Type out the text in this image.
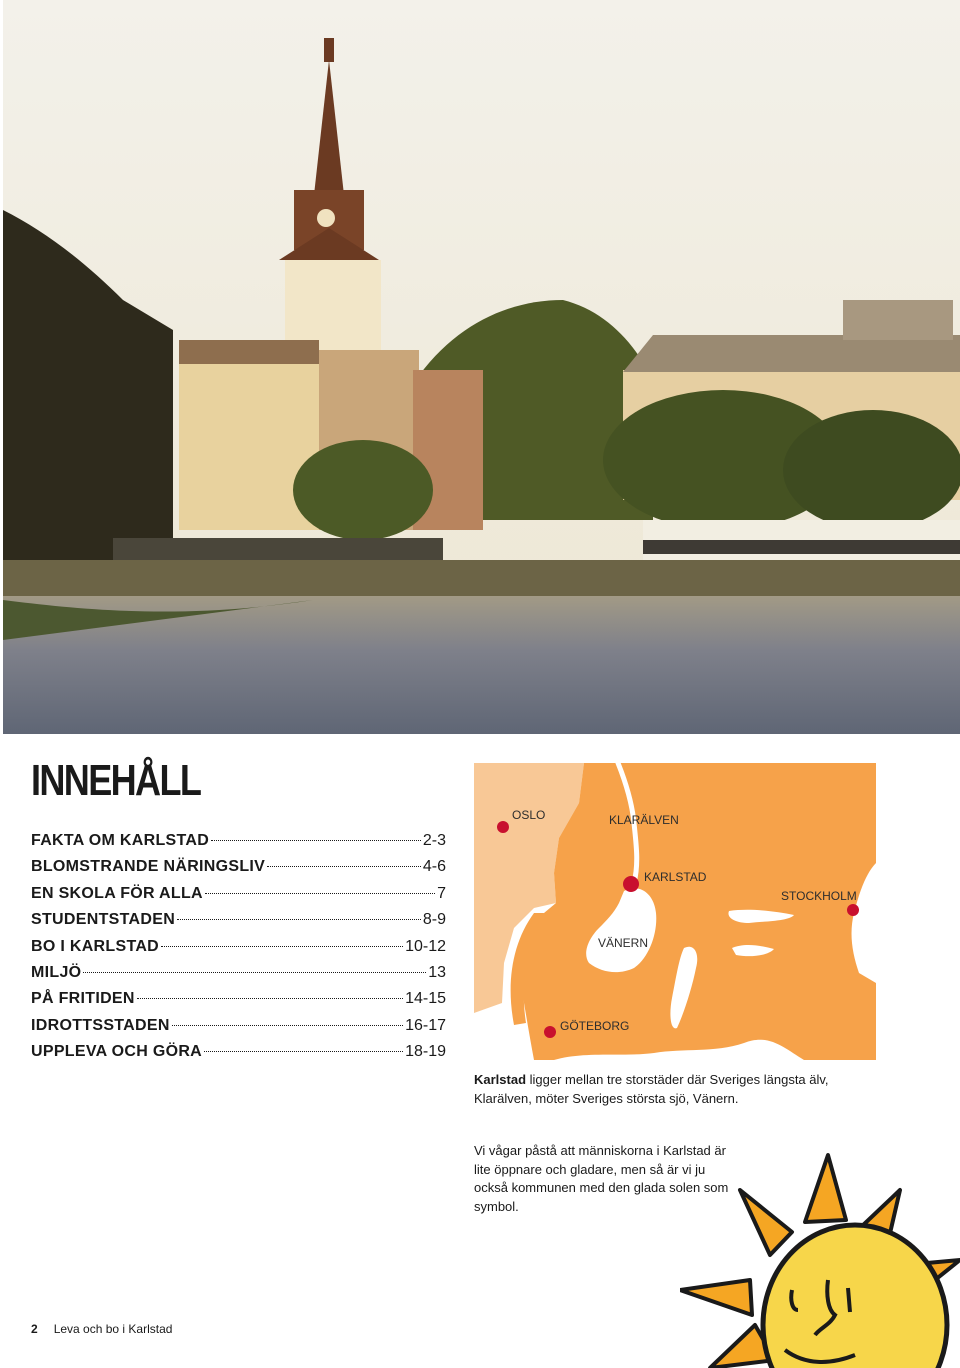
INNEHÅLL
FAKTA OM KARLSTAD	2-3
BLOMSTRANDE NÄRINGSLIV	4-6
EN SKOLA FÖR ALLA	7
STUDENTSTADEN	8-9
BO I KARLSTAD	10-12
MILJÖ	13
PÅ FRITIDEN	14-15
IDROTTSSTADEN	16-17
UPPLEVA OCH GÖRA	18-19
OSLO	KLARÄLVEN
KARLSTAD
STOCKHOLM
VÄNERN
GÖTEBORG

Karlstad ligger mellan tre storstäder där Sveriges längsta älv, Klarälven, möter Sveriges största sjö, Vänern.

Vi vågar påstå att människorna i Karlstad är lite öppnare och gladare, men så är vi ju också kommunen med den glada solen som symbol.

2 Leva och bo i Karlstad
